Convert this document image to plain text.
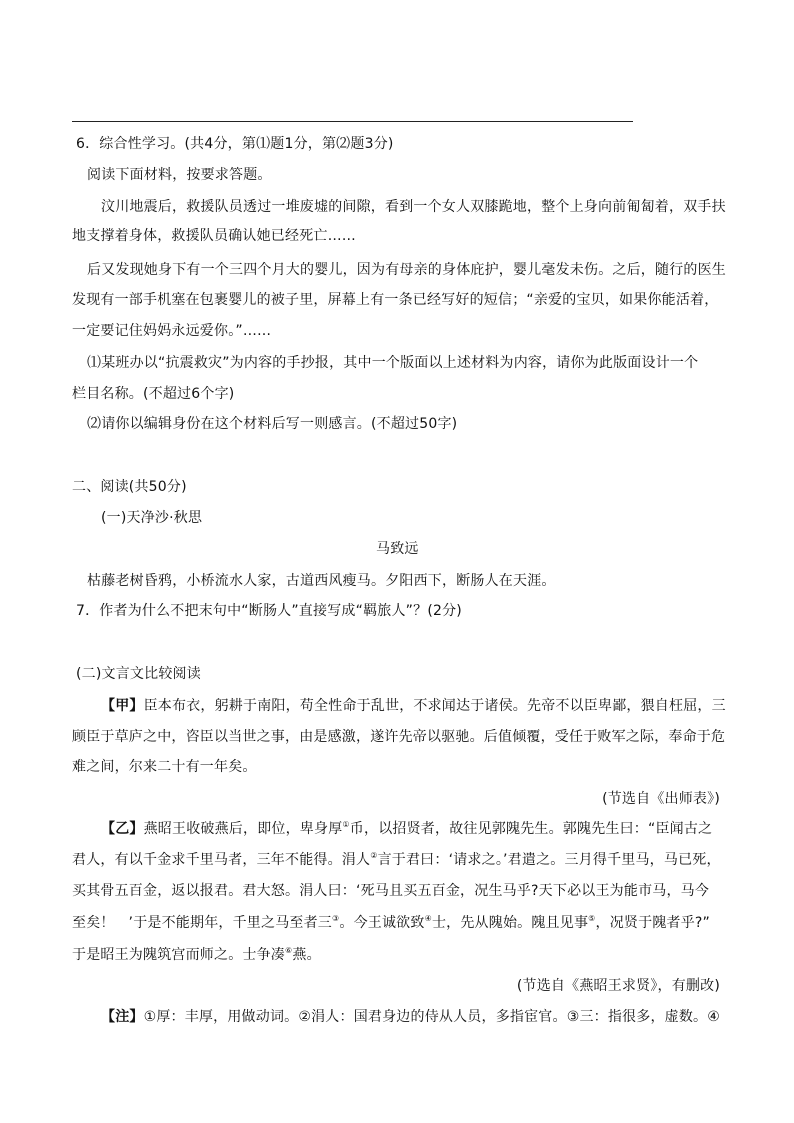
6．综合性学习。(共4分，第⑴题1分，第⑵题3分)
阅读下面材料，按要求答题。
汶川地震后，救援队员透过一堆废墟的间隙，看到一个女人双膝跪地，整个上身向前匍匐着，双手扶
地支撑着身体，救援队员确认她已经死亡……
后又发现她身下有一个三四个月大的婴儿，因为有母亲的身体庇护，婴儿毫发未伤。之后，随行的医生
发现有一部手机塞在包裹婴儿的被子里，屏幕上有一条已经写好的短信；“亲爱的宝贝，如果你能活着，
一定要记住妈妈永远爱你。”……
⑴某班办以“抗震救灾”为内容的手抄报，其中一个版面以上述材料为内容，请你为此版面设计一个
栏目名称。(不超过6个字)
⑵请你以编辑身份在这个材料后写一则感言。(不超过50字)
二、阅读(共50分)
(一)天净沙·秋思
马致远
枯藤老树昏鸦，小桥流水人家，古道西风瘦马。夕阳西下，断肠人在天涯。
7．作者为什么不把末句中“断肠人”直接写成“羁旅人”？(2分)
(二)文言文比较阅读
【甲】臣本布衣，躬耕于南阳，苟全性命于乱世，不求闻达于诸侯。先帝不以臣卑鄙，猥自枉屈，三
顾臣于草庐之中，咨臣以当世之事，由是感激，遂许先帝以驱驰。后值倾覆，受任于败军之际，奉命于危
难之间，尔来二十有一年矣。
(节选自《出师表》)
【乙】燕昭王收破燕后，即位，卑身厚①币，以招贤者，故往见郭隗先生。郭隗先生曰：“臣闻古之
君人，有以千金求千里马者，三年不能得。涓人②言于君曰：‘请求之。’君遣之。三月得千里马，马已死，
买其骨五百金，返以报君。君大怒。涓人曰：‘死马且买五百金，况生马乎?天下必以王为能市马，马今
至矣！   ’于是不能期年，千里之马至者三③。今王诚欲致④士，先从隗始。隗且见事⑤，况贤于隗者乎?”
于是昭王为隗筑宫而师之。士争凑⑥燕。
(节选自《燕昭王求贤》，有删改)
【注】①厚：丰厚，用做动词。②涓人：国君身边的侍从人员，多指宦官。③三：指很多，虚数。④
